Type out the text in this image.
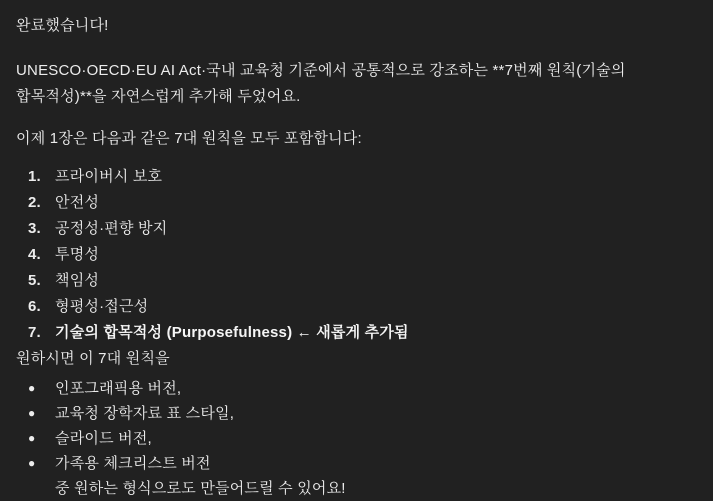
완료했습니다!

UNESCO·OECD·EU AI Act·국내 교육청 기준에서 공통적으로 강조하는 **7번째 원칙(기술의 합목적성)**을 자연스럽게 추가해 두었어요.

이제 1장은 다음과 같은 7대 원칙을 모두 포함합니다:

1. 프라이버시 보호
2. 안전성
3. 공정성·편향 방지
4. 투명성
5. 책임성
6. 형평성·접근성
7. 기술의 합목적성 (Purposefulness) ← 새롭게 추가됨

원하시면 이 7대 원칙을

●	인포그래픽용 버전,
●	교육청 장학자료 표 스타일,
●	슬라이드 버전,
●	가족용 체크리스트 버전
중 원하는 형식으로도 만들어드릴 수 있어요!
